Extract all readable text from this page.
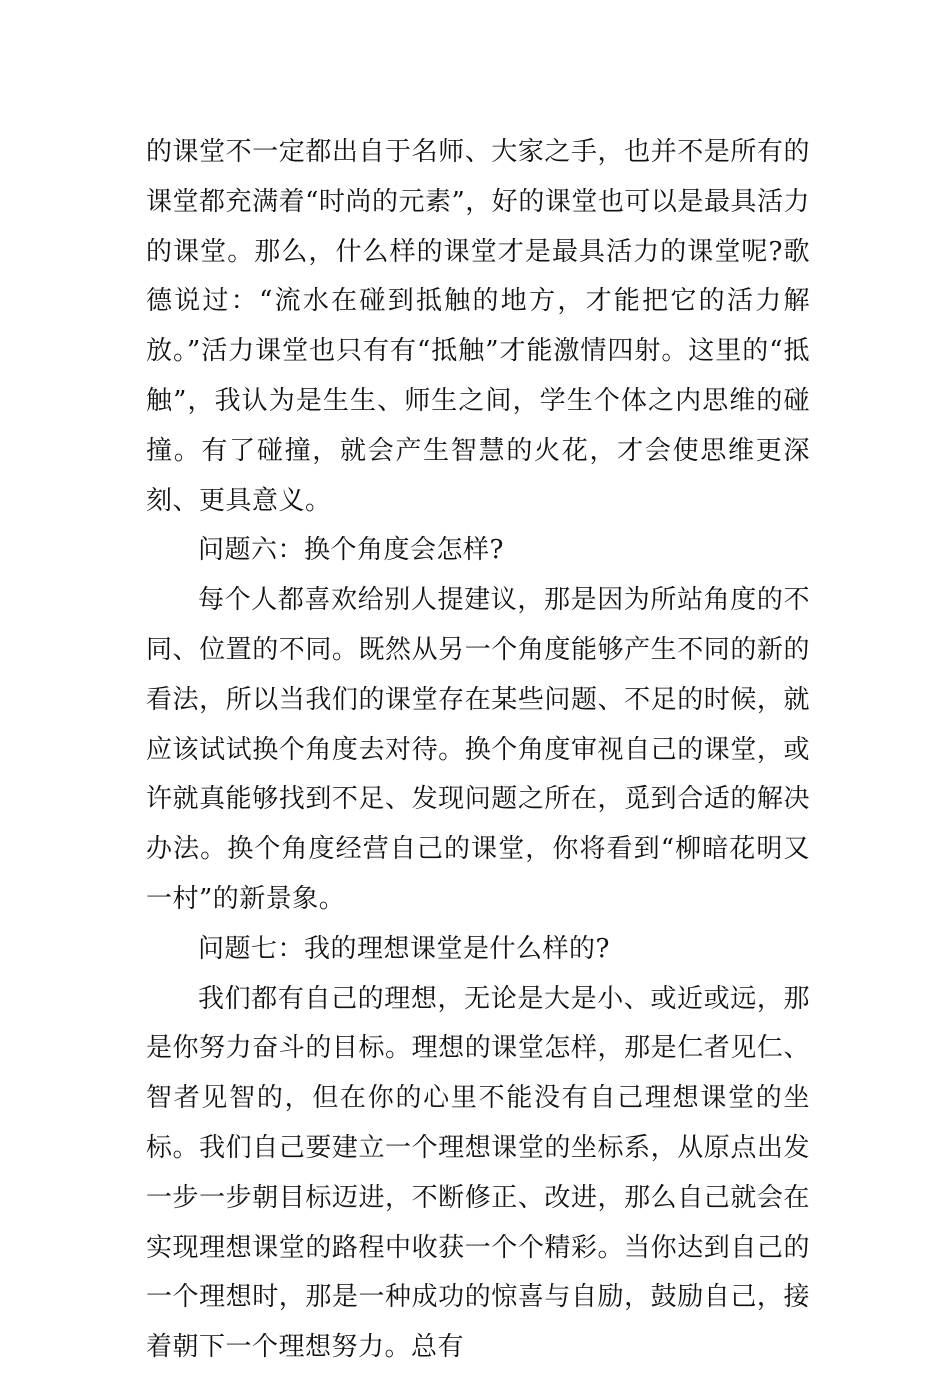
的课堂不一定都出自于名师、大家之手，也并不是所有的课堂都充满着“时尚的元素”，好的课堂也可以是最具活力的课堂。那么，什么样的课堂才是最具活力的课堂呢?歌德说过：“流水在碰到抵触的地方，才能把它的活力解放。”活力课堂也只有有“抵触”才能激情四射。这里的“抵触”，我认为是生生、师生之间，学生个体之内思维的碰撞。有了碰撞，就会产生智慧的火花，才会使思维更深刻、更具意义。

问题六：换个角度会怎样?

每个人都喜欢给别人提建议，那是因为所站角度的不同、位置的不同。既然从另一个角度能够产生不同的新的看法，所以当我们的课堂存在某些问题、不足的时候，就应该试试换个角度去对待。换个角度审视自己的课堂，或许就真能够找到不足、发现问题之所在，觅到合适的解决办法。换个角度经营自己的课堂，你将看到“柳暗花明又一村”的新景象。

问题七：我的理想课堂是什么样的?

我们都有自己的理想，无论是大是小、或近或远，那是你努力奋斗的目标。理想的课堂怎样，那是仁者见仁、智者见智的，但在你的心里不能没有自己理想课堂的坐标。我们自己要建立一个理想课堂的坐标系，从原点出发一步一步朝目标迈进，不断修正、改进，那么自己就会在实现理想课堂的路程中收获一个个精彩。当你达到自己的一个理想时，那是一种成功的惊喜与自励，鼓励自己，接着朝下一个理想努力。总有
